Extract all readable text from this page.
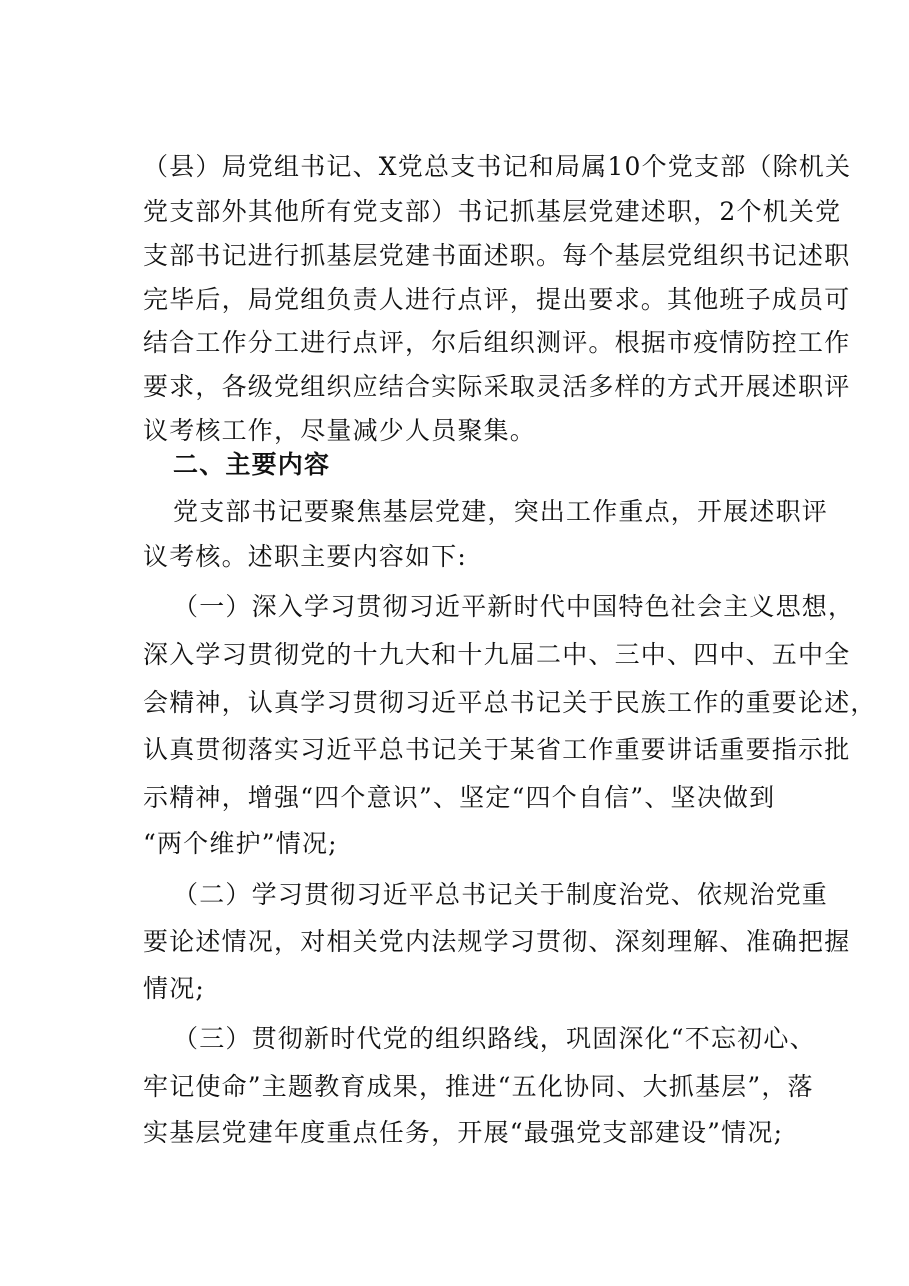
（县）局党组书记、X党总支书记和局属10个党支部（除机关
党支部外其他所有党支部）书记抓基层党建述职，2个机关党
支部书记进行抓基层党建书面述职。每个基层党组织书记述职
完毕后，局党组负责人进行点评，提出要求。其他班子成员可
结合工作分工进行点评，尔后组织测评。根据市疫情防控工作
要求，各级党组织应结合实际采取灵活多样的方式开展述职评
议考核工作，尽量减少人员聚集。
二、主要内容
党支部书记要聚焦基层党建，突出工作重点，开展述职评
议考核。述职主要内容如下:
（一）深入学习贯彻习近平新时代中国特色社会主义思想，
深入学习贯彻党的十九大和十九届二中、三中、四中、五中全
会精神，认真学习贯彻习近平总书记关于民族工作的重要论述，
认真贯彻落实习近平总书记关于某省工作重要讲话重要指示批
示精神，增强“四个意识”、坚定“四个自信”、坚决做到
“两个维护”情况;
（二）学习贯彻习近平总书记关于制度治党、依规治党重
要论述情况，对相关党内法规学习贯彻、深刻理解、准确把握
情况;
（三）贯彻新时代党的组织路线，巩固深化“不忘初心、
牢记使命”主题教育成果，推进“五化协同、大抓基层”，落
实基层党建年度重点任务，开展“最强党支部建设”情况;
